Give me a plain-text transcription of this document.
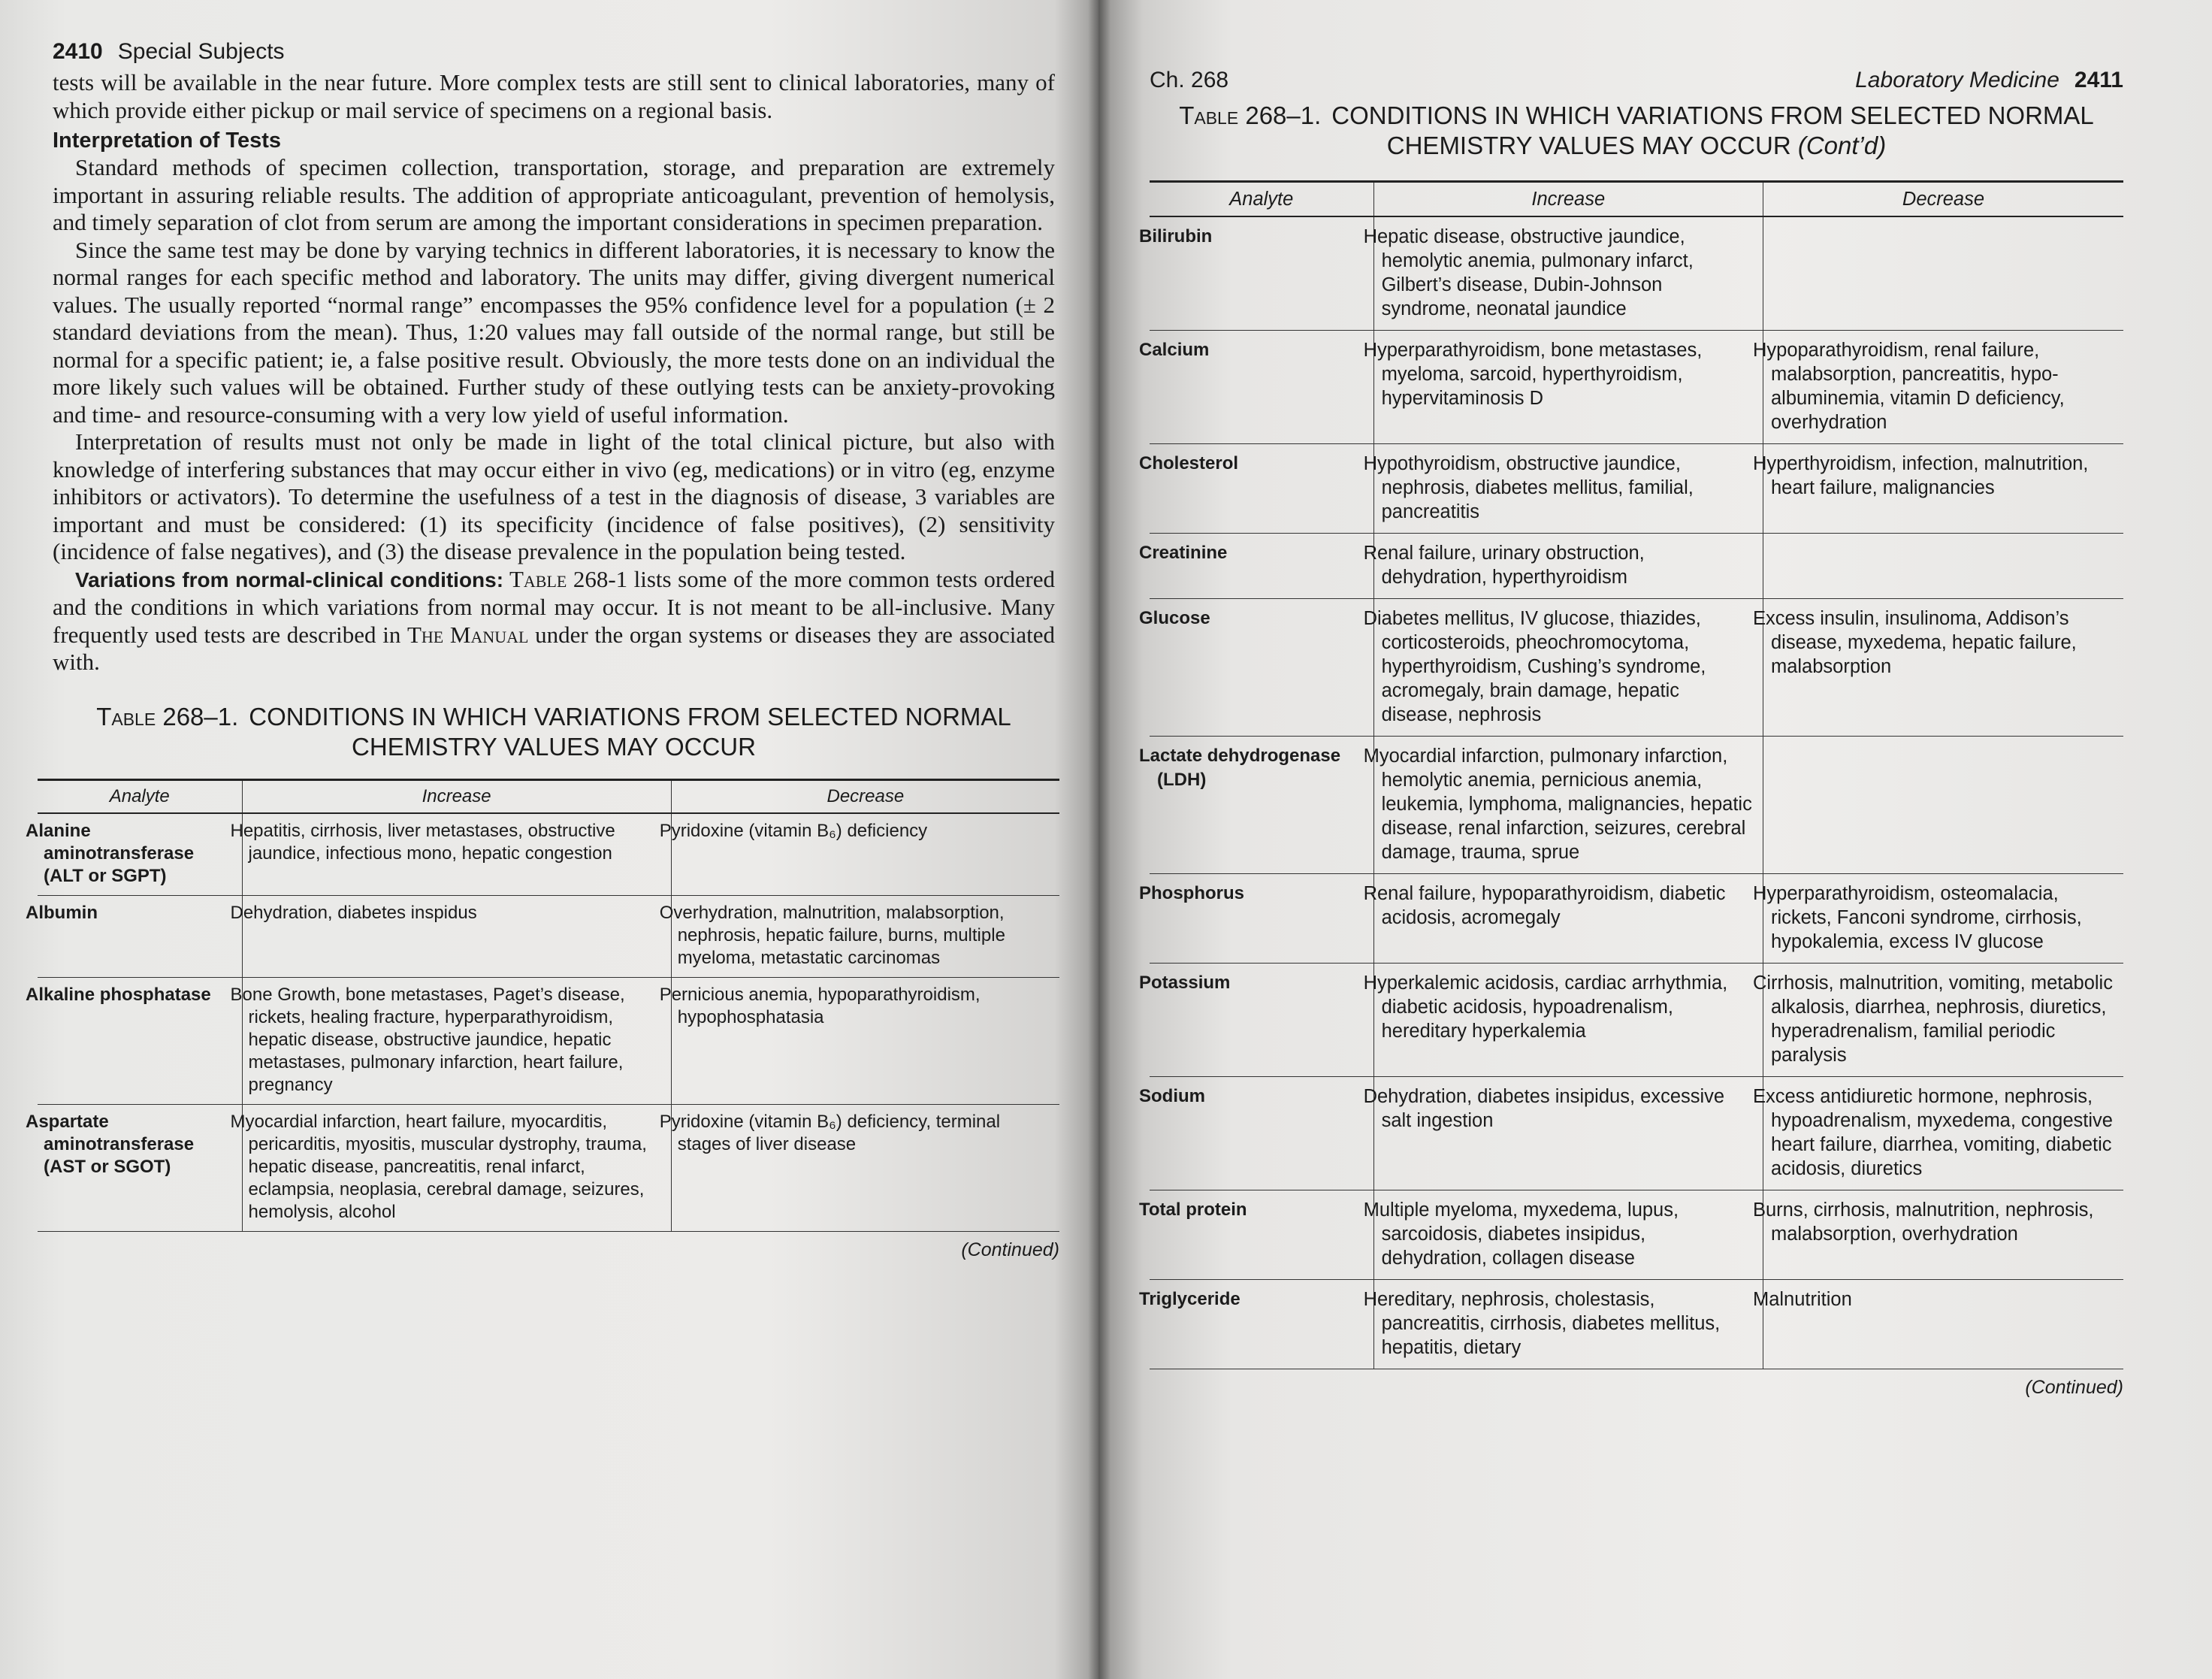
2410 Special Subjects

tests will be available in the near future. More complex tests are still sent to clinical laboratories, many of which provide either pickup or mail service of specimens on a regional basis.

Interpretation of Tests

Standard methods of specimen collection, transportation, storage, and preparation are extremely important in assuring reliable results. The addition of appropriate anticoagulant, prevention of hemolysis, and timely separation of clot from serum are among the important considerations in specimen preparation.

Since the same test may be done by varying technics in different laboratories, it is necessary to know the normal ranges for each specific method and laboratory. The units may differ, giving divergent numerical values. The usually reported “normal range” encompasses the 95% confidence level for a population (± 2 standard deviations from the mean). Thus, 1:20 values may fall outside of the normal range, but still be normal for a specific patient; ie, a false positive result. Obviously, the more tests done on an individual the more likely such values will be obtained. Further study of these outlying tests can be anxiety-provoking and time- and resource-consuming with a very low yield of useful information.

Interpretation of results must not only be made in light of the total clinical picture, but also with knowledge of interfering substances that may occur either in vivo (eg, medications) or in vitro (eg, enzyme inhibitors or activators). To determine the usefulness of a test in the diagnosis of disease, 3 variables are important and must be considered: (1) its specificity (incidence of false positives), (2) sensitivity (incidence of false negatives), and (3) the disease prevalence in the population being tested.

Variations from normal-clinical conditions: Table 268-1 lists some of the more common tests ordered and the conditions in which variations from normal may occur. It is not meant to be all-inclusive. Many frequently used tests are described in The Manual under the organ systems or diseases they are associated with.

Table 268–1. CONDITIONS IN WHICH VARIATIONS FROM SELECTED NORMAL CHEMISTRY VALUES MAY OCCUR
Analyte	Increase	Decrease
Alanine aminotransferase (ALT or SGPT)	Hepatitis, cirrhosis, liver metastases, obstructive jaundice, infectious mono, hepatic congestion	Pyridoxine (vitamin B₆) deficiency
Albumin	Dehydration, diabetes inspidus	Overhydration, malnutrition, malabsorption, nephrosis, hepatic failure, burns, multiple myeloma, metastatic carcinomas
Alkaline phosphatase	Bone Growth, bone metastases, Paget’s disease, rickets, healing fracture, hyperparathyroidism, hepatic disease, obstructive jaundice, hepatic metastases, pulmonary infarction, heart failure, pregnancy	Pernicious anemia, hypoparathyroidism, hypophosphatasia
Aspartate aminotransferase (AST or SGOT)	Myocardial infarction, heart failure, myocarditis, pericarditis, myositis, muscular dystrophy, trauma, hepatic disease, pancreatitis, renal infarct, eclampsia, neoplasia, cerebral damage, seizures, hemolysis, alcohol	Pyridoxine (vitamin B₆) deficiency, terminal stages of liver disease
(Continued)
Ch. 268	Laboratory Medicine 2411
Table 268–1. CONDITIONS IN WHICH VARIATIONS FROM SELECTED NORMAL CHEMISTRY VALUES MAY OCCUR (Cont’d)
Analyte	Increase	Decrease
Bilirubin	Hepatic disease, obstructive jaundice, hemolytic anemia, pulmonary infarct, Gilbert’s disease, Dubin-Johnson syndrome, neonatal jaundice	
Calcium	Hyperparathyroidism, bone metastases, myeloma, sarcoid, hyperthyroidism, hypervitaminosis D	Hypoparathyroidism, renal failure, malabsorption, pancreatitis, hypo-albuminemia, vitamin D deficiency, overhydration
Cholesterol	Hypothyroidism, obstructive jaundice, nephrosis, diabetes mellitus, familial, pancreatitis	Hyperthyroidism, infection, malnutrition, heart failure, malignancies
Creatinine	Renal failure, urinary obstruction, dehydration, hyperthyroidism	
Glucose	Diabetes mellitus, IV glucose, thiazides, corticosteroids, pheochromocytoma, hyperthyroidism, Cushing’s syndrome, acromegaly, brain damage, hepatic disease, nephrosis	Excess insulin, insulinoma, Addison’s disease, myxedema, hepatic failure, malabsorption
Lactate dehydrogenase (LDH)	Myocardial infarction, pulmonary infarction, hemolytic anemia, pernicious anemia, leukemia, lymphoma, malignancies, hepatic disease, renal infarction, seizures, cerebral damage, trauma, sprue	
Phosphorus	Renal failure, hypoparathyroidism, diabetic acidosis, acromegaly	Hyperparathyroidism, osteomalacia, rickets, Fanconi syndrome, cirrhosis, hypokalemia, excess IV glucose
Potassium	Hyperkalemic acidosis, cardiac arrhythmia, diabetic acidosis, hypoadrenalism, hereditary hyperkalemia	Cirrhosis, malnutrition, vomiting, metabolic alkalosis, diarrhea, nephrosis, diuretics, hyperadrenalism, familial periodic paralysis
Sodium	Dehydration, diabetes insipidus, excessive salt ingestion	Excess antidiuretic hormone, nephrosis, hypoadrenalism, myxedema, congestive heart failure, diarrhea, vomiting, diabetic acidosis, diuretics
Total protein	Multiple myeloma, myxedema, lupus, sarcoidosis, diabetes insipidus, dehydration, collagen disease	Burns, cirrhosis, malnutrition, nephrosis, malabsorption, overhydration
Triglyceride	Hereditary, nephrosis, cholestasis, pancreatitis, cirrhosis, diabetes mellitus, hepatitis, dietary	Malnutrition
(Continued)
